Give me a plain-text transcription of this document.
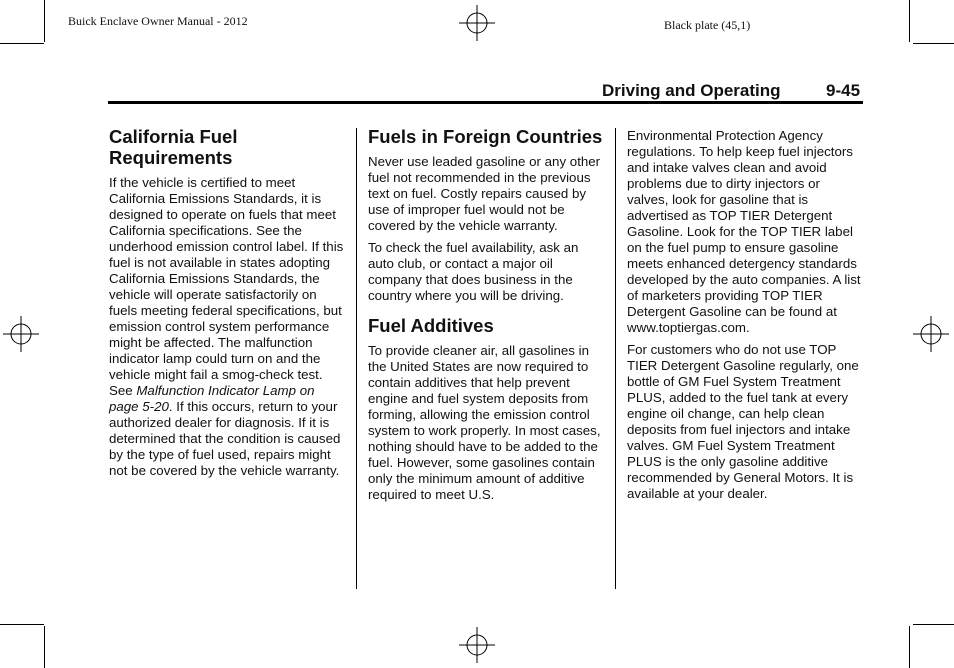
Buick Enclave Owner Manual - 2012	Black plate (45,1)
Driving and Operating	9-45
California Fuel Requirements

If the vehicle is certified to meet California Emissions Standards, it is designed to operate on fuels that meet California specifications. See the underhood emission control label. If this fuel is not available in states adopting California Emissions Standards, the vehicle will operate satisfactorily on fuels meeting federal specifications, but emission control system performance might be affected. The malfunction indicator lamp could turn on and the vehicle might fail a smog-check test. See Malfunction Indicator Lamp on page 5-20. If this occurs, return to your authorized dealer for diagnosis. If it is determined that the condition is caused by the type of fuel used, repairs might not be covered by the vehicle warranty.

Fuels in Foreign Countries

Never use leaded gasoline or any other fuel not recommended in the previous text on fuel. Costly repairs caused by use of improper fuel would not be covered by the vehicle warranty.

To check the fuel availability, ask an auto club, or contact a major oil company that does business in the country where you will be driving.

Fuel Additives

To provide cleaner air, all gasolines in the United States are now required to contain additives that help prevent engine and fuel system deposits from forming, allowing the emission control system to work properly. In most cases, nothing should have to be added to the fuel. However, some gasolines contain only the minimum amount of additive required to meet U.S.

Environmental Protection Agency regulations. To help keep fuel injectors and intake valves clean and avoid problems due to dirty injectors or valves, look for gasoline that is advertised as TOP TIER Detergent Gasoline. Look for the TOP TIER label on the fuel pump to ensure gasoline meets enhanced detergency standards developed by the auto companies. A list of marketers providing TOP TIER Detergent Gasoline can be found at www.toptiergas.com.

For customers who do not use TOP TIER Detergent Gasoline regularly, one bottle of GM Fuel System Treatment PLUS, added to the fuel tank at every engine oil change, can help clean deposits from fuel injectors and intake valves. GM Fuel System Treatment PLUS is the only gasoline additive recommended by General Motors. It is available at your dealer.
